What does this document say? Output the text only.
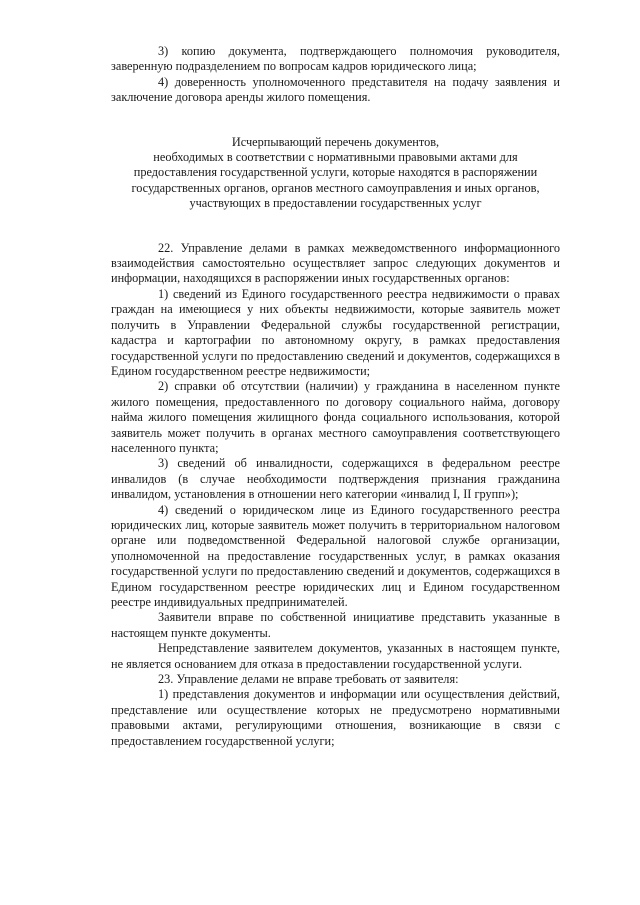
3) копию документа, подтверждающего полномочия руководителя, заверенную подразделением по вопросам кадров юридического лица;

4) доверенность уполномоченного представителя на подачу заявления и заключение договора аренды жилого помещения.

Исчерпывающий перечень документов,
необходимых в соответствии с нормативными правовыми актами для
предоставления государственной услуги, которые находятся в распоряжении
государственных органов, органов местного самоуправления и иных органов,
участвующих в предоставлении государственных услуг

22. Управление делами в рамках межведомственного информационного взаимодействия самостоятельно осуществляет запрос следующих документов и информации, находящихся в распоряжении иных государственных органов:

1) сведений из Единого государственного реестра недвижимости о правах граждан на имеющиеся у них объекты недвижимости, которые заявитель может получить в Управлении Федеральной службы государственной регистрации, кадастра и картографии по автономному округу, в рамках предоставления государственной услуги по предоставлению сведений и документов, содержащихся в Едином государственном реестре недвижимости;

2) справки об отсутствии (наличии) у гражданина в населенном пункте жилого помещения, предоставленного по договору социального найма, договору найма жилого помещения жилищного фонда социального использования, которой заявитель может получить в органах местного самоуправления соответствующего населенного пункта;

3) сведений об инвалидности, содержащихся в федеральном реестре инвалидов (в случае необходимости подтверждения признания гражданина инвалидом, установления в отношении него категории «инвалид I, II групп»);

4) сведений о юридическом лице из Единого государственного реестра юридических лиц, которые заявитель может получить в территориальном налоговом органе или подведомственной Федеральной налоговой службе организации, уполномоченной на предоставление государственных услуг, в рамках оказания государственной услуги по предоставлению сведений и документов, содержащихся в Едином государственном реестре юридических лиц и Едином государственном реестре индивидуальных предпринимателей.

Заявители вправе по собственной инициативе представить указанные в настоящем пункте документы.

Непредставление заявителем документов, указанных в настоящем пункте, не является основанием для отказа в предоставлении государственной услуги.

23. Управление делами не вправе требовать от заявителя:

1) представления документов и информации или осуществления действий, представление или осуществление которых не предусмотрено нормативными правовыми актами, регулирующими отношения, возникающие в связи с предоставлением государственной услуги;
